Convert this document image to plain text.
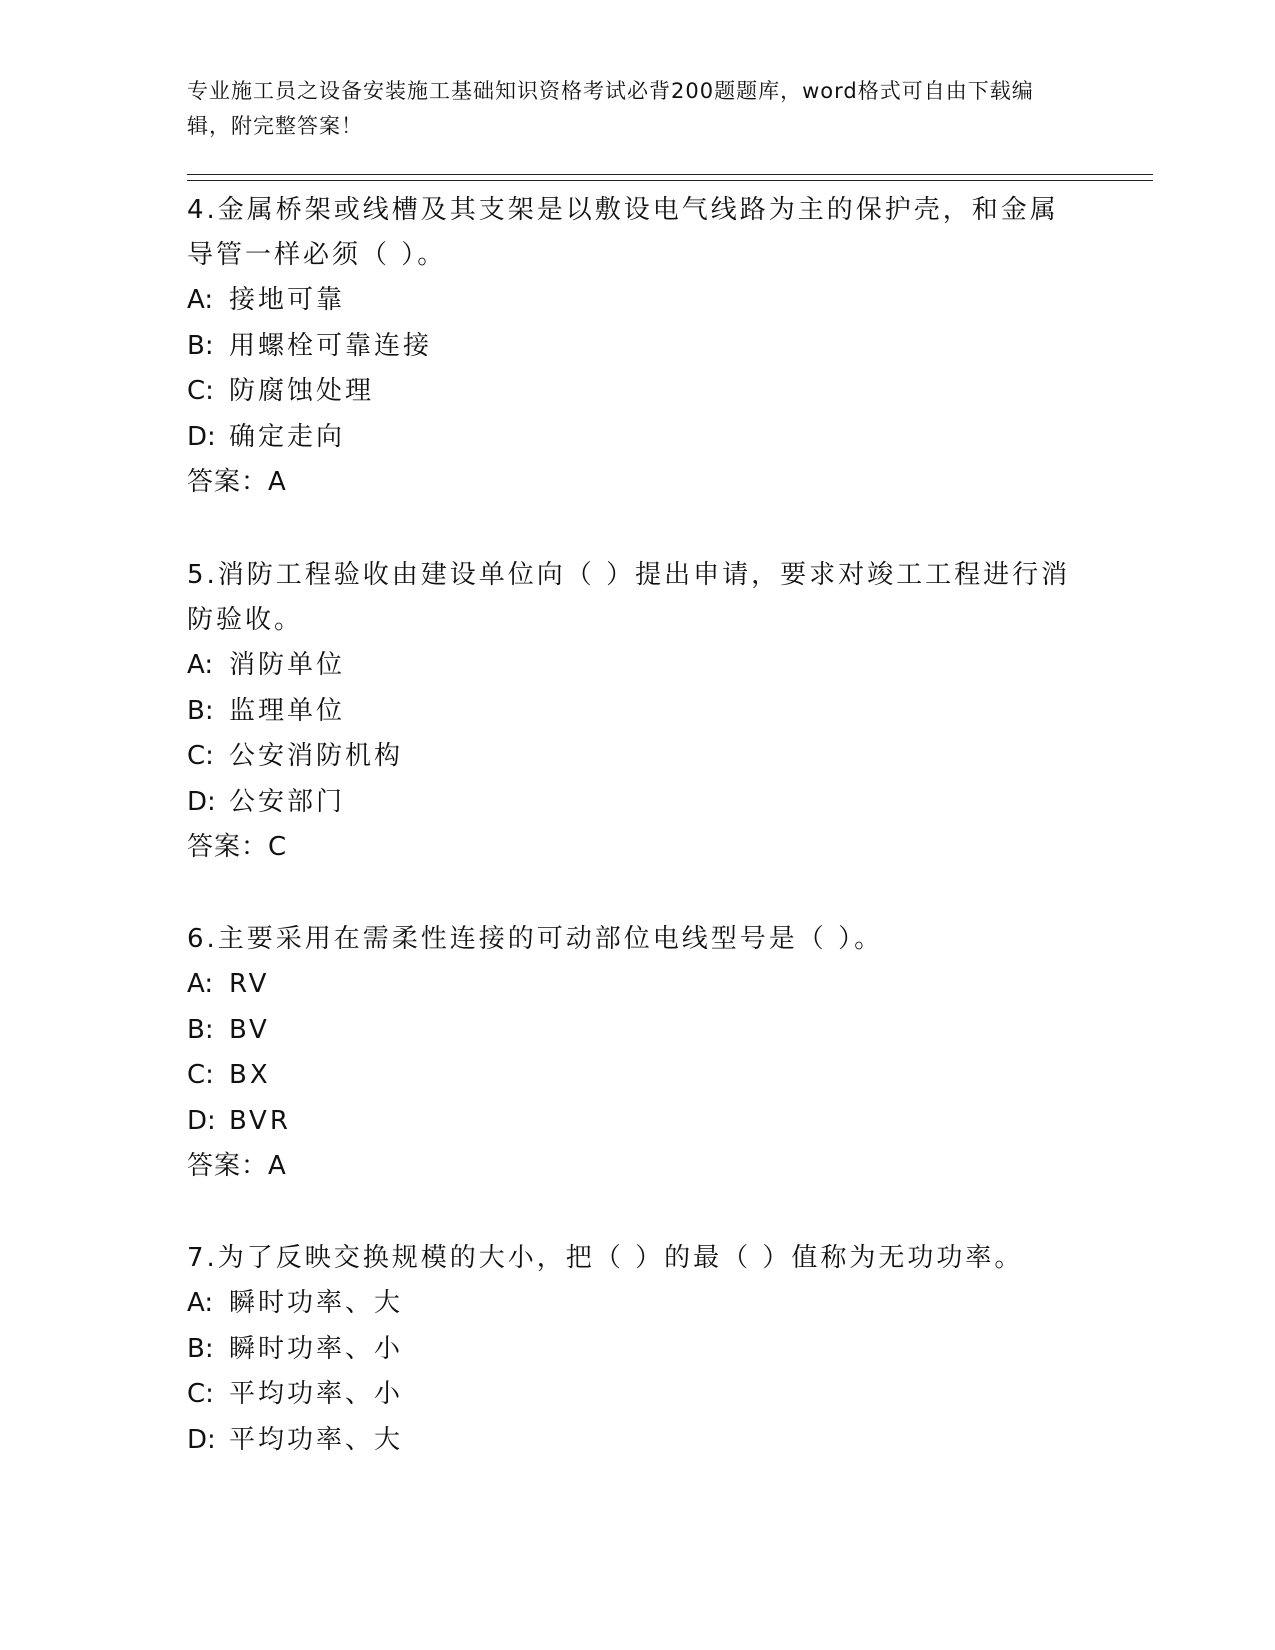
专业施工员之设备安装施工基础知识资格考试必背200题题库，word格式可自由下载编辑，附完整答案！
4.金属桥架或线槽及其支架是以敷设电气线路为主的保护壳，和金属导管一样必须（ ）。
A: 接地可靠
B: 用螺栓可靠连接
C: 防腐蚀处理
D: 确定走向
答案：A
5.消防工程验收由建设单位向（ ）提出申请，要求对竣工工程进行消防验收。
A: 消防单位
B: 监理单位
C: 公安消防机构
D: 公安部门
答案：C
6.主要采用在需柔性连接的可动部位电线型号是（ ）。
A: RV
B: BV
C: BX
D: BVR
答案：A
7.为了反映交换规模的大小，把（ ）的最（ ）值称为无功功率。
A: 瞬时功率、大
B: 瞬时功率、小
C: 平均功率、小
D: 平均功率、大
